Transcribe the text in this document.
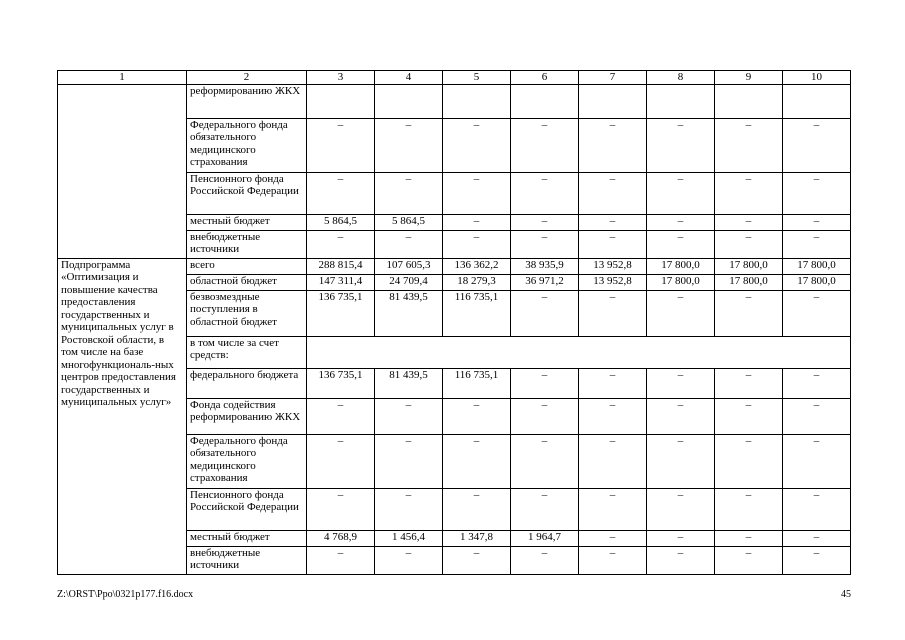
1	2	3	4	5	6	7	8	9	10
	реформированию ЖКХ								
	Федерального фонда обязательного медицинского страхования	–	–	–	–	–	–	–	–
	Пенсионного фонда Российской Федерации	–	–	–	–	–	–	–	–
	местный бюджет	5 864,5	5 864,5	–	–	–	–	–	–
	внебюджетные источники	–	–	–	–	–	–	–	–
Подпрограмма «Оптимизация и повышение качества предоставления государственных и муниципальных услуг в Ростовской области, в том числе на базе многофункциональ-ных центров предоставления государственных и муниципальных услуг»	всего	288 815,4	107 605,3	136 362,2	38 935,9	13 952,8	17 800,0	17 800,0	17 800,0
	областной бюджет	147 311,4	24 709,4	18 279,3	36 971,2	13 952,8	17 800,0	17 800,0	17 800,0
	безвозмездные поступления в областной бюджет	136 735,1	81 439,5	116 735,1	–	–	–	–	–
	в том числе за счет средств:								
	федерального бюджета	136 735,1	81 439,5	116 735,1	–	–	–	–	–
	Фонда содействия реформированию ЖКХ	–	–	–	–	–	–	–	–
	Федерального фонда обязательного медицинского страхования	–	–	–	–	–	–	–	–
	Пенсионного фонда Российской Федерации	–	–	–	–	–	–	–	–
	местный бюджет	4 768,9	1 456,4	1 347,8	1 964,7	–	–	–	–
	внебюджетные источники	–	–	–	–	–	–	–	–
Z:\ORST\Ppo\0321p177.f16.docx	45
